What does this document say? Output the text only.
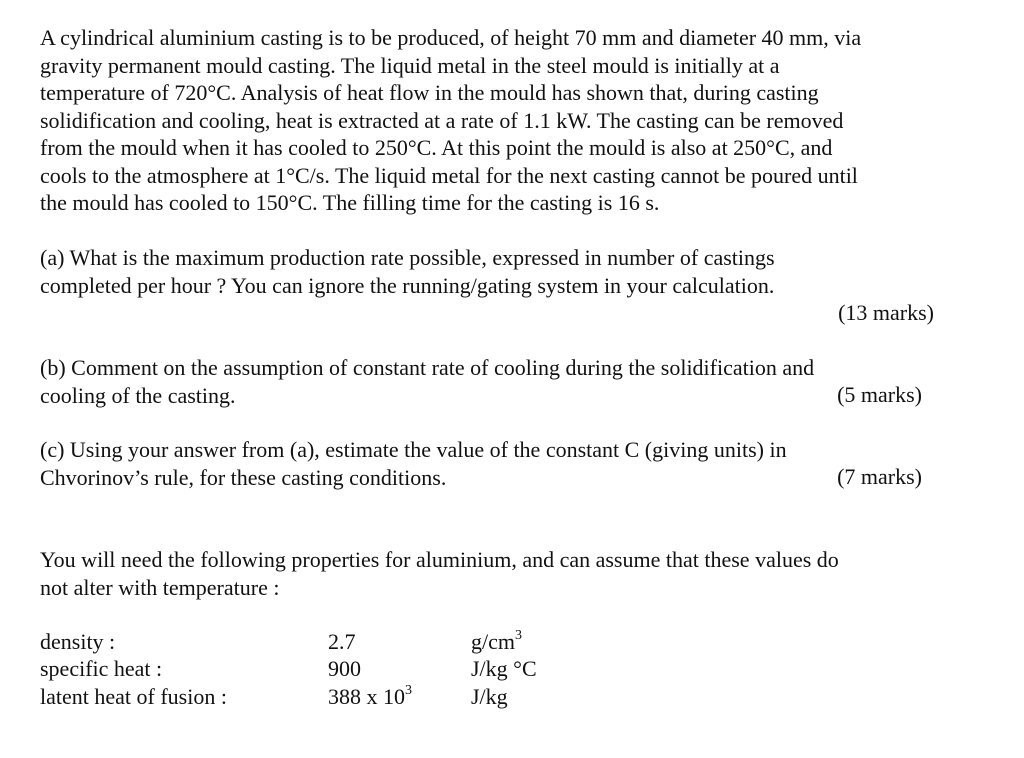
A cylindrical aluminium casting is to be produced, of height 70 mm and diameter 40 mm, via
gravity permanent mould casting. The liquid metal in the steel mould is initially at a
temperature of 720°C. Analysis of heat flow in the mould has shown that, during casting
solidification and cooling, heat is extracted at a rate of 1.1 kW. The casting can be removed
from the mould when it has cooled to 250°C. At this point the mould is also at 250°C, and
cools to the atmosphere at 1°C/s. The liquid metal for the next casting cannot be poured until
the mould has cooled to 150°C. The filling time for the casting is 16 s.

(a) What is the maximum production rate possible, expressed in number of castings
completed per hour ? You can ignore the running/gating system in your calculation.

(13 marks)

(b) Comment on the assumption of constant rate of cooling during the solidification and
cooling of the casting.	(5 marks)

(c) Using your answer from (a), estimate the value of the constant C (giving units) in
Chvorinov’s rule, for these casting conditions.	(7 marks)

You will need the following properties for aluminium, and can assume that these values do
not alter with temperature :

density :	2.7	$g/cm^3$
specific heat :	900	J/kg °C
latent heat of fusion :	388 x $10^3$	J/kg
